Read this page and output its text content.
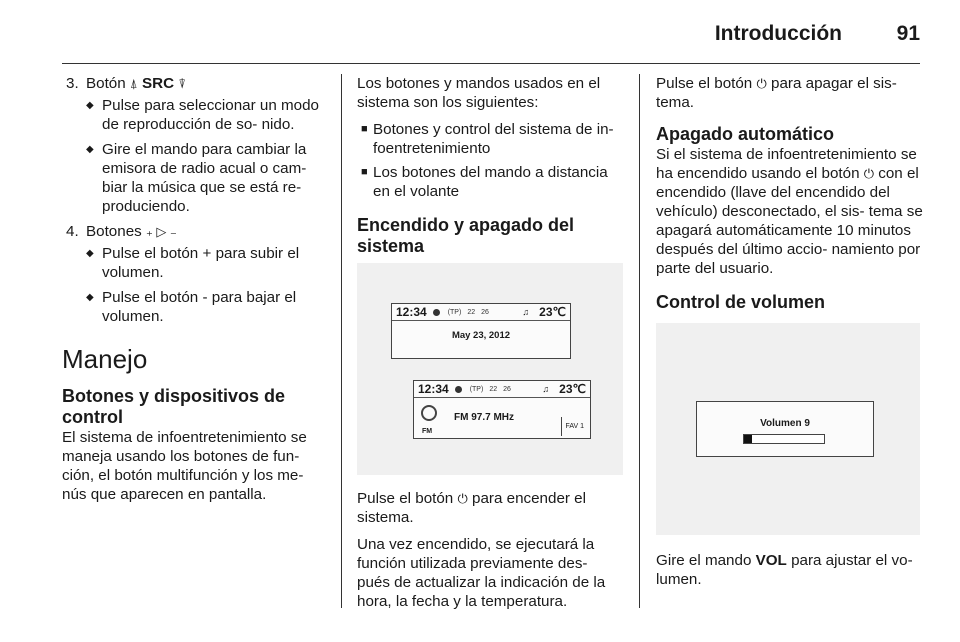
Introducción	91
3. Botón ⍋ SRC ⍒
◆ Pulse para seleccionar un modo de reproducción de so- nido.
◆ Gire el mando para cambiar la emisora de radio acual o cam- biar la música que se está re- produciendo.
4. Botones ₊ ▷ ₋
◆ Pulse el botón + para subir el volumen.
◆ Pulse el botón - para bajar el volumen.
Manejo
Botones y dispositivos de control

El sistema de infoentretenimiento se maneja usando los botones de fun- ción, el botón multifunción y los me- nús que aparecen en pantalla.

Los botones y mandos usados en el sistema son los siguientes:

■ Botones y control del sistema de in- foentretenimiento
■ Los botones del mando a distancia en el volante
Encendido y apagado del sistema
12:34	(TP) 22 26	♫ 23℃
May 23, 2012
12:34	(TP) 22 26	♫ 23℃
FM
FM 97.7 MHz
FAV 1

Pulse el botón ⏻ para encender el sistema.

Una vez encendido, se ejecutará la función utilizada previamente des- pués de actualizar la indicación de la hora, la fecha y la temperatura.

Pulse el botón ⏻ para apagar el sis- tema.

Apagado automático

Si el sistema de infoentretenimiento se ha encendido usando el botón ⏻ con el encendido (llave del encendido del vehículo) desconectado, el sis- tema se apagará automáticamente 10 minutos después del último accio- namiento por parte del usuario.

Control de volumen
Volumen 9

Gire el mando VOL para ajustar el vo- lumen.
